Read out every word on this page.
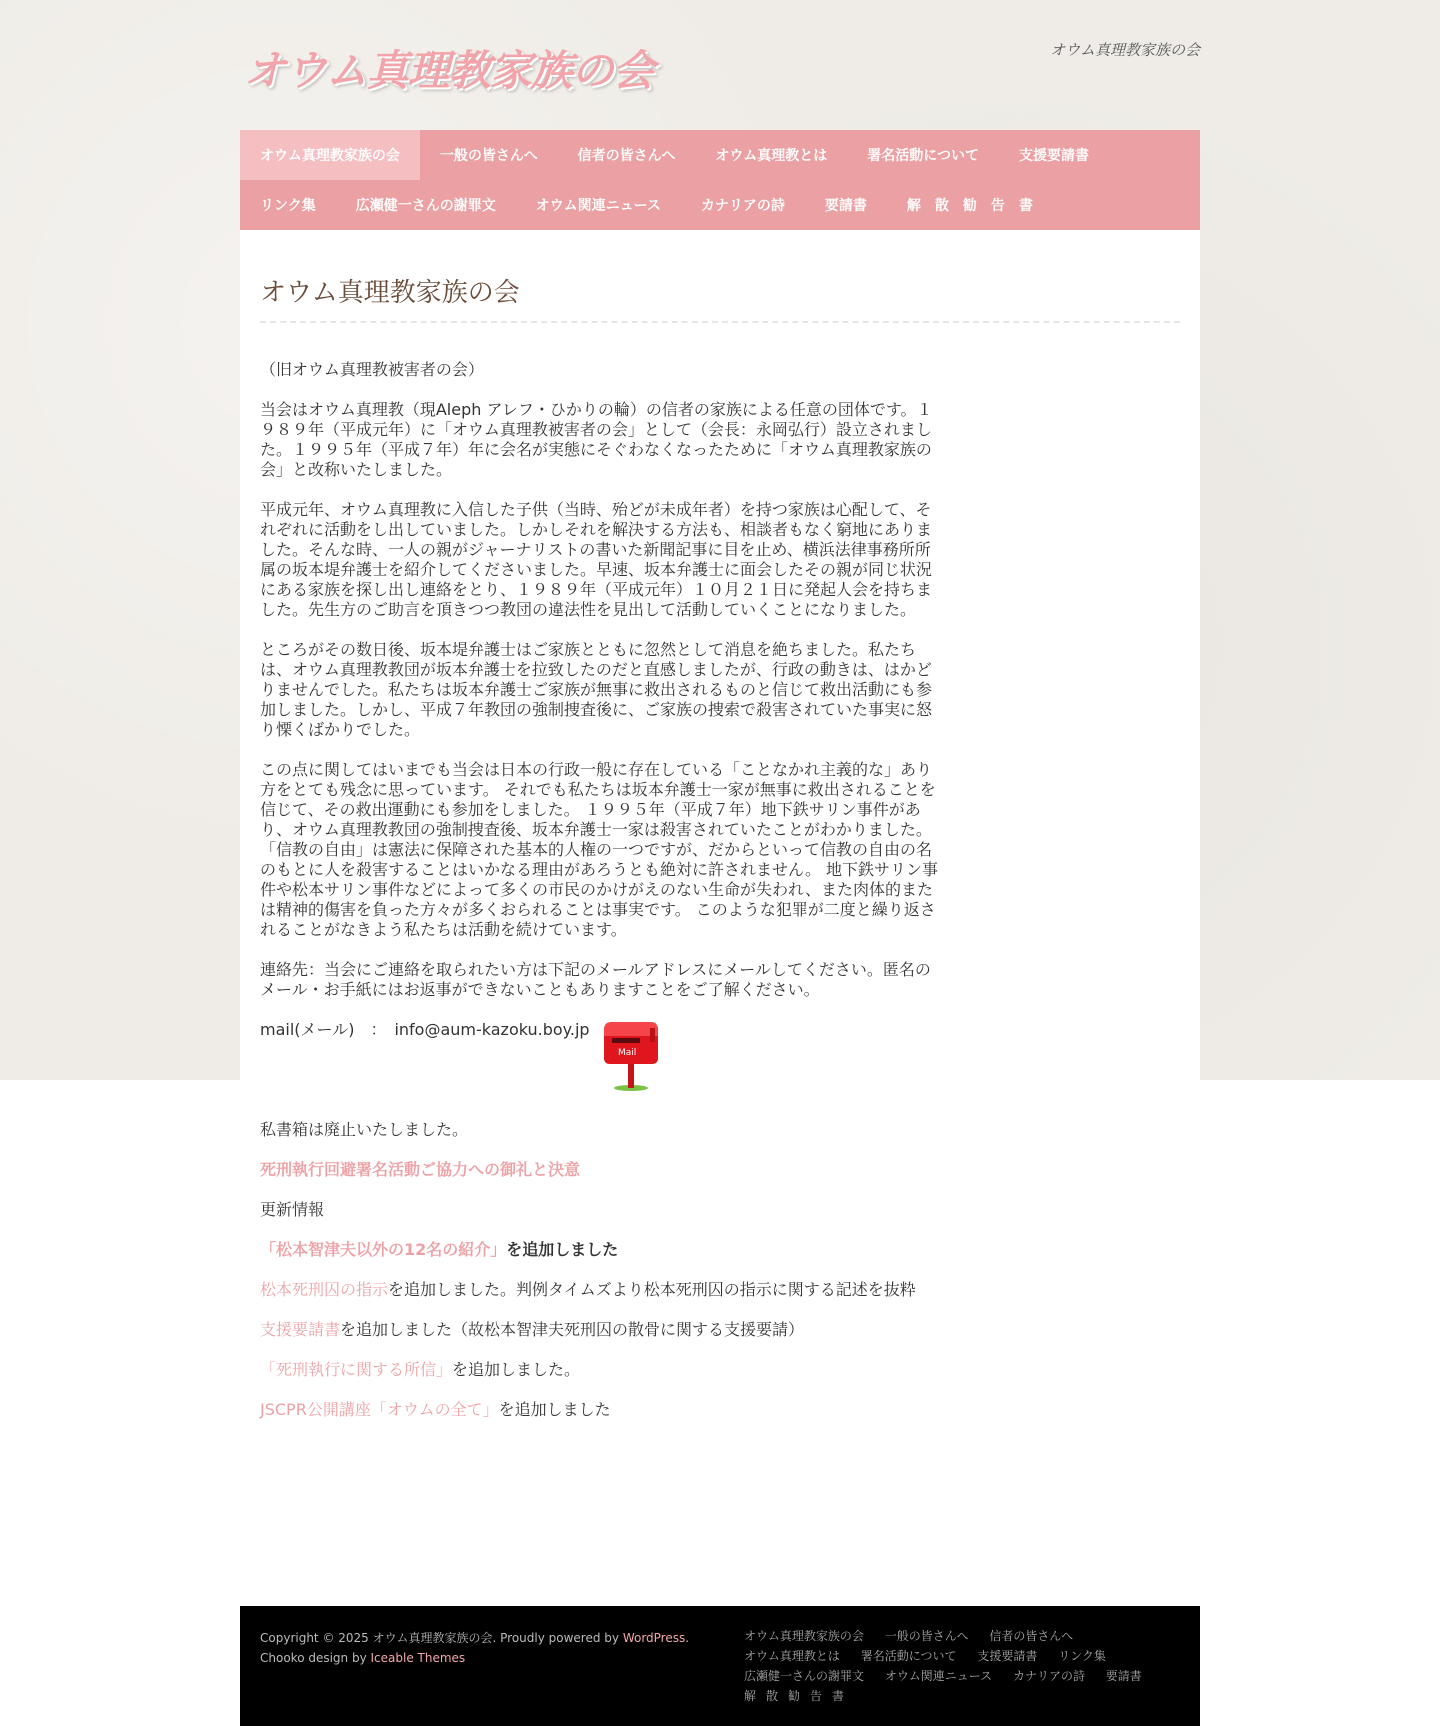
オウム真理教家族の会	オウム真理教家族の会

オウム真理教家族の会	一般の皆さんへ	信者の皆さんへ	オウム真理教とは	署名活動について	支援要請書
リンク集	広瀬健一さんの謝罪文	オウム関連ニュース	カナリアの詩	要請書	解散勧告書
オウム真理教家族の会

（旧オウム真理教被害者の会）

当会はオウム真理教（現Aleph アレフ・ひかりの輪）の信者の家族による任意の団体です。１９８９年（平成元年）に「オウム真理教被害者の会」として（会長：永岡弘行）設立されました。１９９５年（平成７年）年に会名が実態にそぐわなくなったために「オウム真理教家族の会」と改称いたしました。

平成元年、オウム真理教に入信した子供（当時、殆どが未成年者）を持つ家族は心配して、それぞれに活動をし出していました。しかしそれを解決する方法も、相談者もなく窮地にありました。そんな時、一人の親がジャーナリストの書いた新聞記事に目を止め、横浜法律事務所所属の坂本堤弁護士を紹介してくださいました。早速、坂本弁護士に面会したその親が同じ状況にある家族を探し出し連絡をとり、１９８９年（平成元年）１０月２１日に発起人会を持ちました。先生方のご助言を頂きつつ教団の違法性を見出して活動していくことになりました。

ところがその数日後、坂本堤弁護士はご家族とともに忽然として消息を絶ちました。私たちは、オウム真理教教団が坂本弁護士を拉致したのだと直感しましたが、行政の動きは、はかどりませんでした。私たちは坂本弁護士ご家族が無事に救出されるものと信じて救出活動にも参加しました。しかし、平成７年教団の強制捜査後に、ご家族の捜索で殺害されていた事実に怒り慄くばかりでした。

この点に関してはいまでも当会は日本の行政一般に存在している「ことなかれ主義的な」あり方をとても残念に思っています。 それでも私たちは坂本弁護士一家が無事に救出されることを信じて、その救出運動にも参加をしました。 １９９５年（平成７年）地下鉄サリン事件があり、オウム真理教教団の強制捜査後、坂本弁護士一家は殺害されていたことがわかりました。 「信教の自由」は憲法に保障された基本的人権の一つですが、だからといって信教の自由の名のもとに人を殺害することはいかなる理由があろうとも絶対に許されません。 地下鉄サリン事件や松本サリン事件などによって多くの市民のかけがえのない生命が失われ、また肉体的または精神的傷害を負った方々が多くおられることは事実です。 このような犯罪が二度と繰り返されることがなきよう私たちは活動を続けています。

連絡先：当会にご連絡を取られたい方は下記のメールアドレスにメールしてください。匿名のメール・お手紙にはお返事ができないこともありますことをご了解ください。

mail(メール)　：　info@aum-kazoku.boy.jp
Mail

私書箱は廃止いたしました。

死刑執行回避署名活動ご協力への御礼と決意

更新情報

「松本智津夫以外の12名の紹介」を追加しました

松本死刑囚の指示を追加しました。判例タイムズより松本死刑囚の指示に関する記述を抜粋

支援要請書を追加しました（故松本智津夫死刑囚の散骨に関する支援要請）

「死刑執行に関する所信」を追加しました。

JSCPR公開講座「オウムの全て」を追加しました

Copyright © 2025 オウム真理教家族の会. Proudly powered by WordPress.
Chooko design by Iceable Themes
オウム真理教家族の会 一般の皆さんへ 信者の皆さんへ オウム真理教とは 署名活動について 支援要請書 リンク集 広瀬健一さんの謝罪文 オウム関連ニュース カナリアの詩 要請書 解散勧告書
